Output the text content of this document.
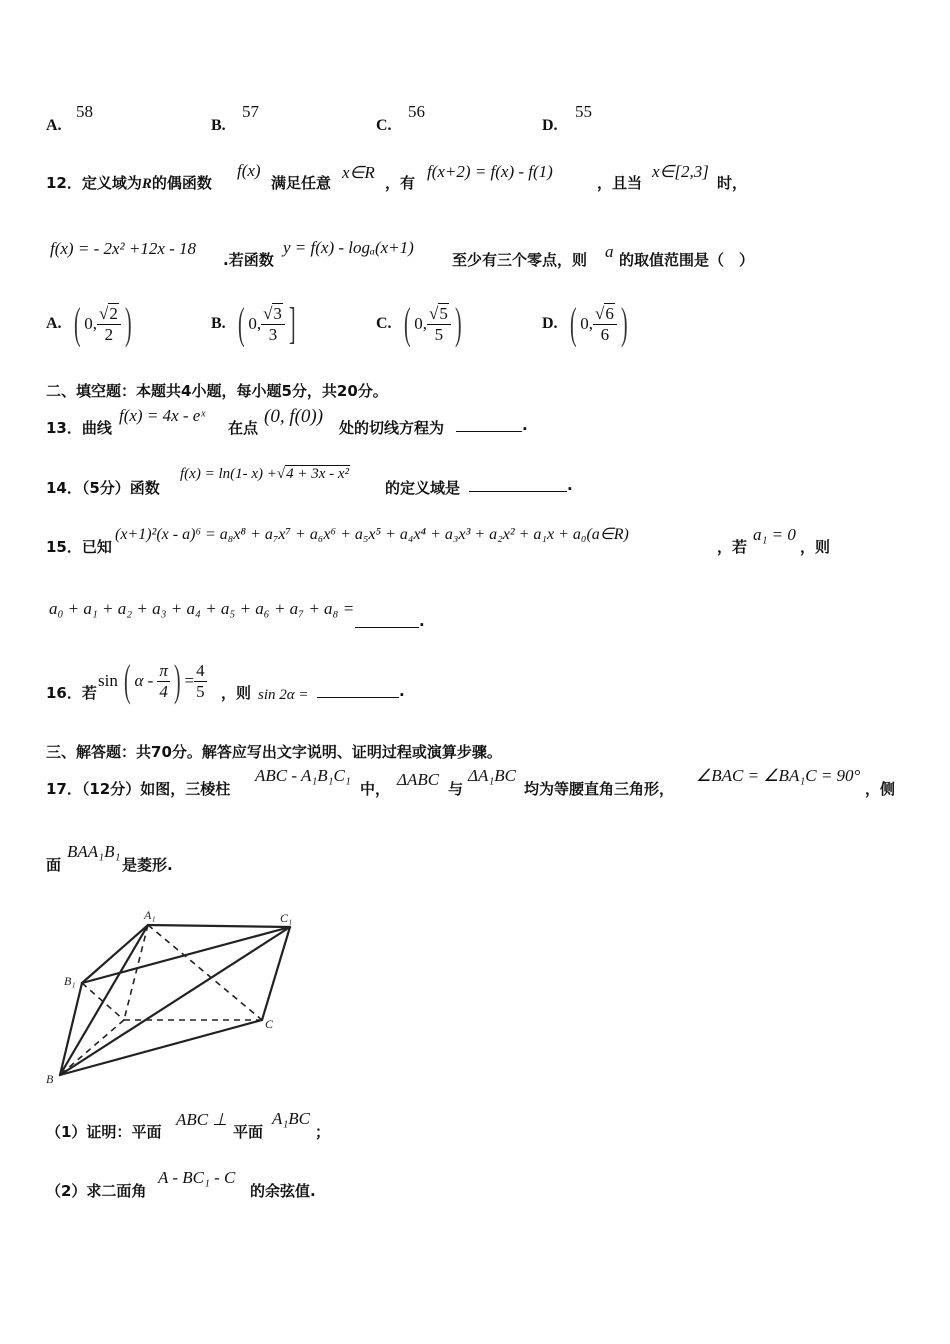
A.
58
B.
57
C.
56
D.
55
12．定义域为R的偶函数
f(x)
满足任意
x∈R
，有
f(x+2) = f(x) - f(1)
，且当
x∈[2,3]
时，
f(x) = - 2x² +12x - 18
.若函数
y = f(x) - logₐ(x+1)
至少有三个零点，则 a 的取值范围是（　）
A. ( 0, $\frac{√2}{2}$ )	B. ( 0, $\frac{√3}{3}$ ]	C. ( 0, $\frac{√5}{5}$ )	D. ( 0, $\frac{√6}{6}$ )
二、填空题：本题共4小题，每小题5分，共20分。
13．曲线
f(x) = 4x - eˣ
在点
(0, f(0))
处的切线方程为	.
14．（5分）函数
f(x) = ln(1- x) +√4 + 3x - x²
的定义域是	.
15．已知
(x+1)²(x - a)⁶ = a₈x⁸ + a₇x⁷ + a₆x⁶ + a₅x⁵ + a₄x⁴ + a₃x³ + a₂x² + a₁x + a₀(a∈R)
，若
a₁ = 0
，则
a₀ + a₁ + a₂ + a₃ + a₄ + a₅ + a₆ + a₇ + a₈ =
.
16．若
sin ( α - $\frac{\pi}{4}$ ) = $\frac{4}{5}$ ，则 sin 2α =	.
三、解答题：共70分。解答应写出文字说明、证明过程或演算步骤。
17．（12分）如图，三棱柱
ABC - A₁B₁C₁
中， ΔABC 与
ΔA₁BC
均为等腰直角三角形，
∠BAC = ∠BA₁C = 90°
，侧
面
BAA₁B₁
是菱形.
A₁	C₁
B₁
C
B
（1）证明：平面
ABC ⊥
平面
A₁BC
；
（2）求二面角
A - BC₁ - C
的余弦值.
